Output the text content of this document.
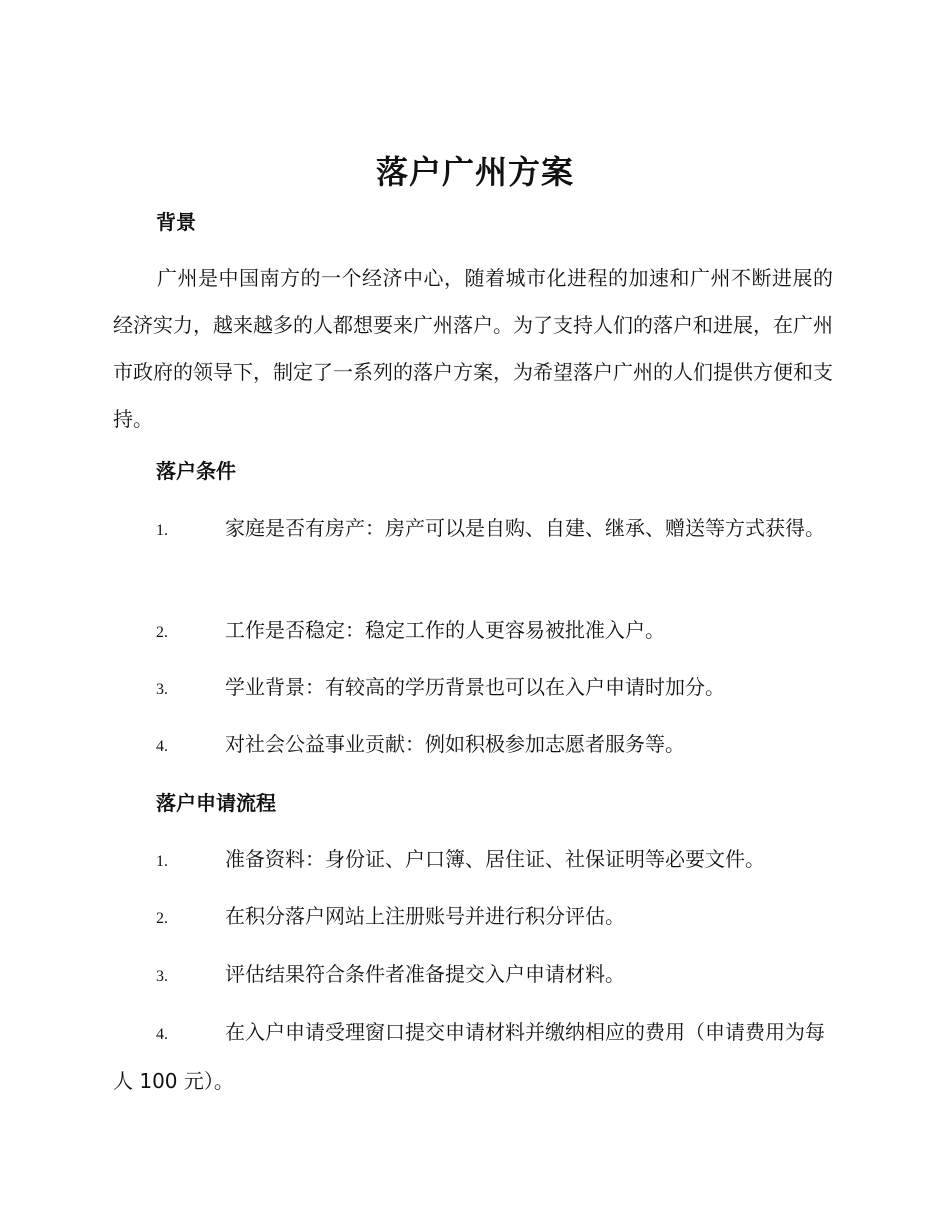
落户广州方案
背景
广州是中国南方的一个经济中心，随着城市化进程的加速和广州不断进展的经济实力，越来越多的人都想要来广州落户。为了支持人们的落户和进展，在广州市政府的领导下，制定了一系列的落户方案，为希望落户广州的人们提供方便和支持。
落户条件
1.	家庭是否有房产：房产可以是自购、自建、继承、赠送等方式获得。
2.	工作是否稳定：稳定工作的人更容易被批准入户。
3.	学业背景：有较高的学历背景也可以在入户申请时加分。
4.	对社会公益事业贡献：例如积极参加志愿者服务等。
落户申请流程
1.	准备资料：身份证、户口簿、居住证、社保证明等必要文件。
2.	在积分落户网站上注册账号并进行积分评估。
3.	评估结果符合条件者准备提交入户申请材料。
4.	在入户申请受理窗口提交申请材料并缴纳相应的费用（申请费用为每人 100 元）。
